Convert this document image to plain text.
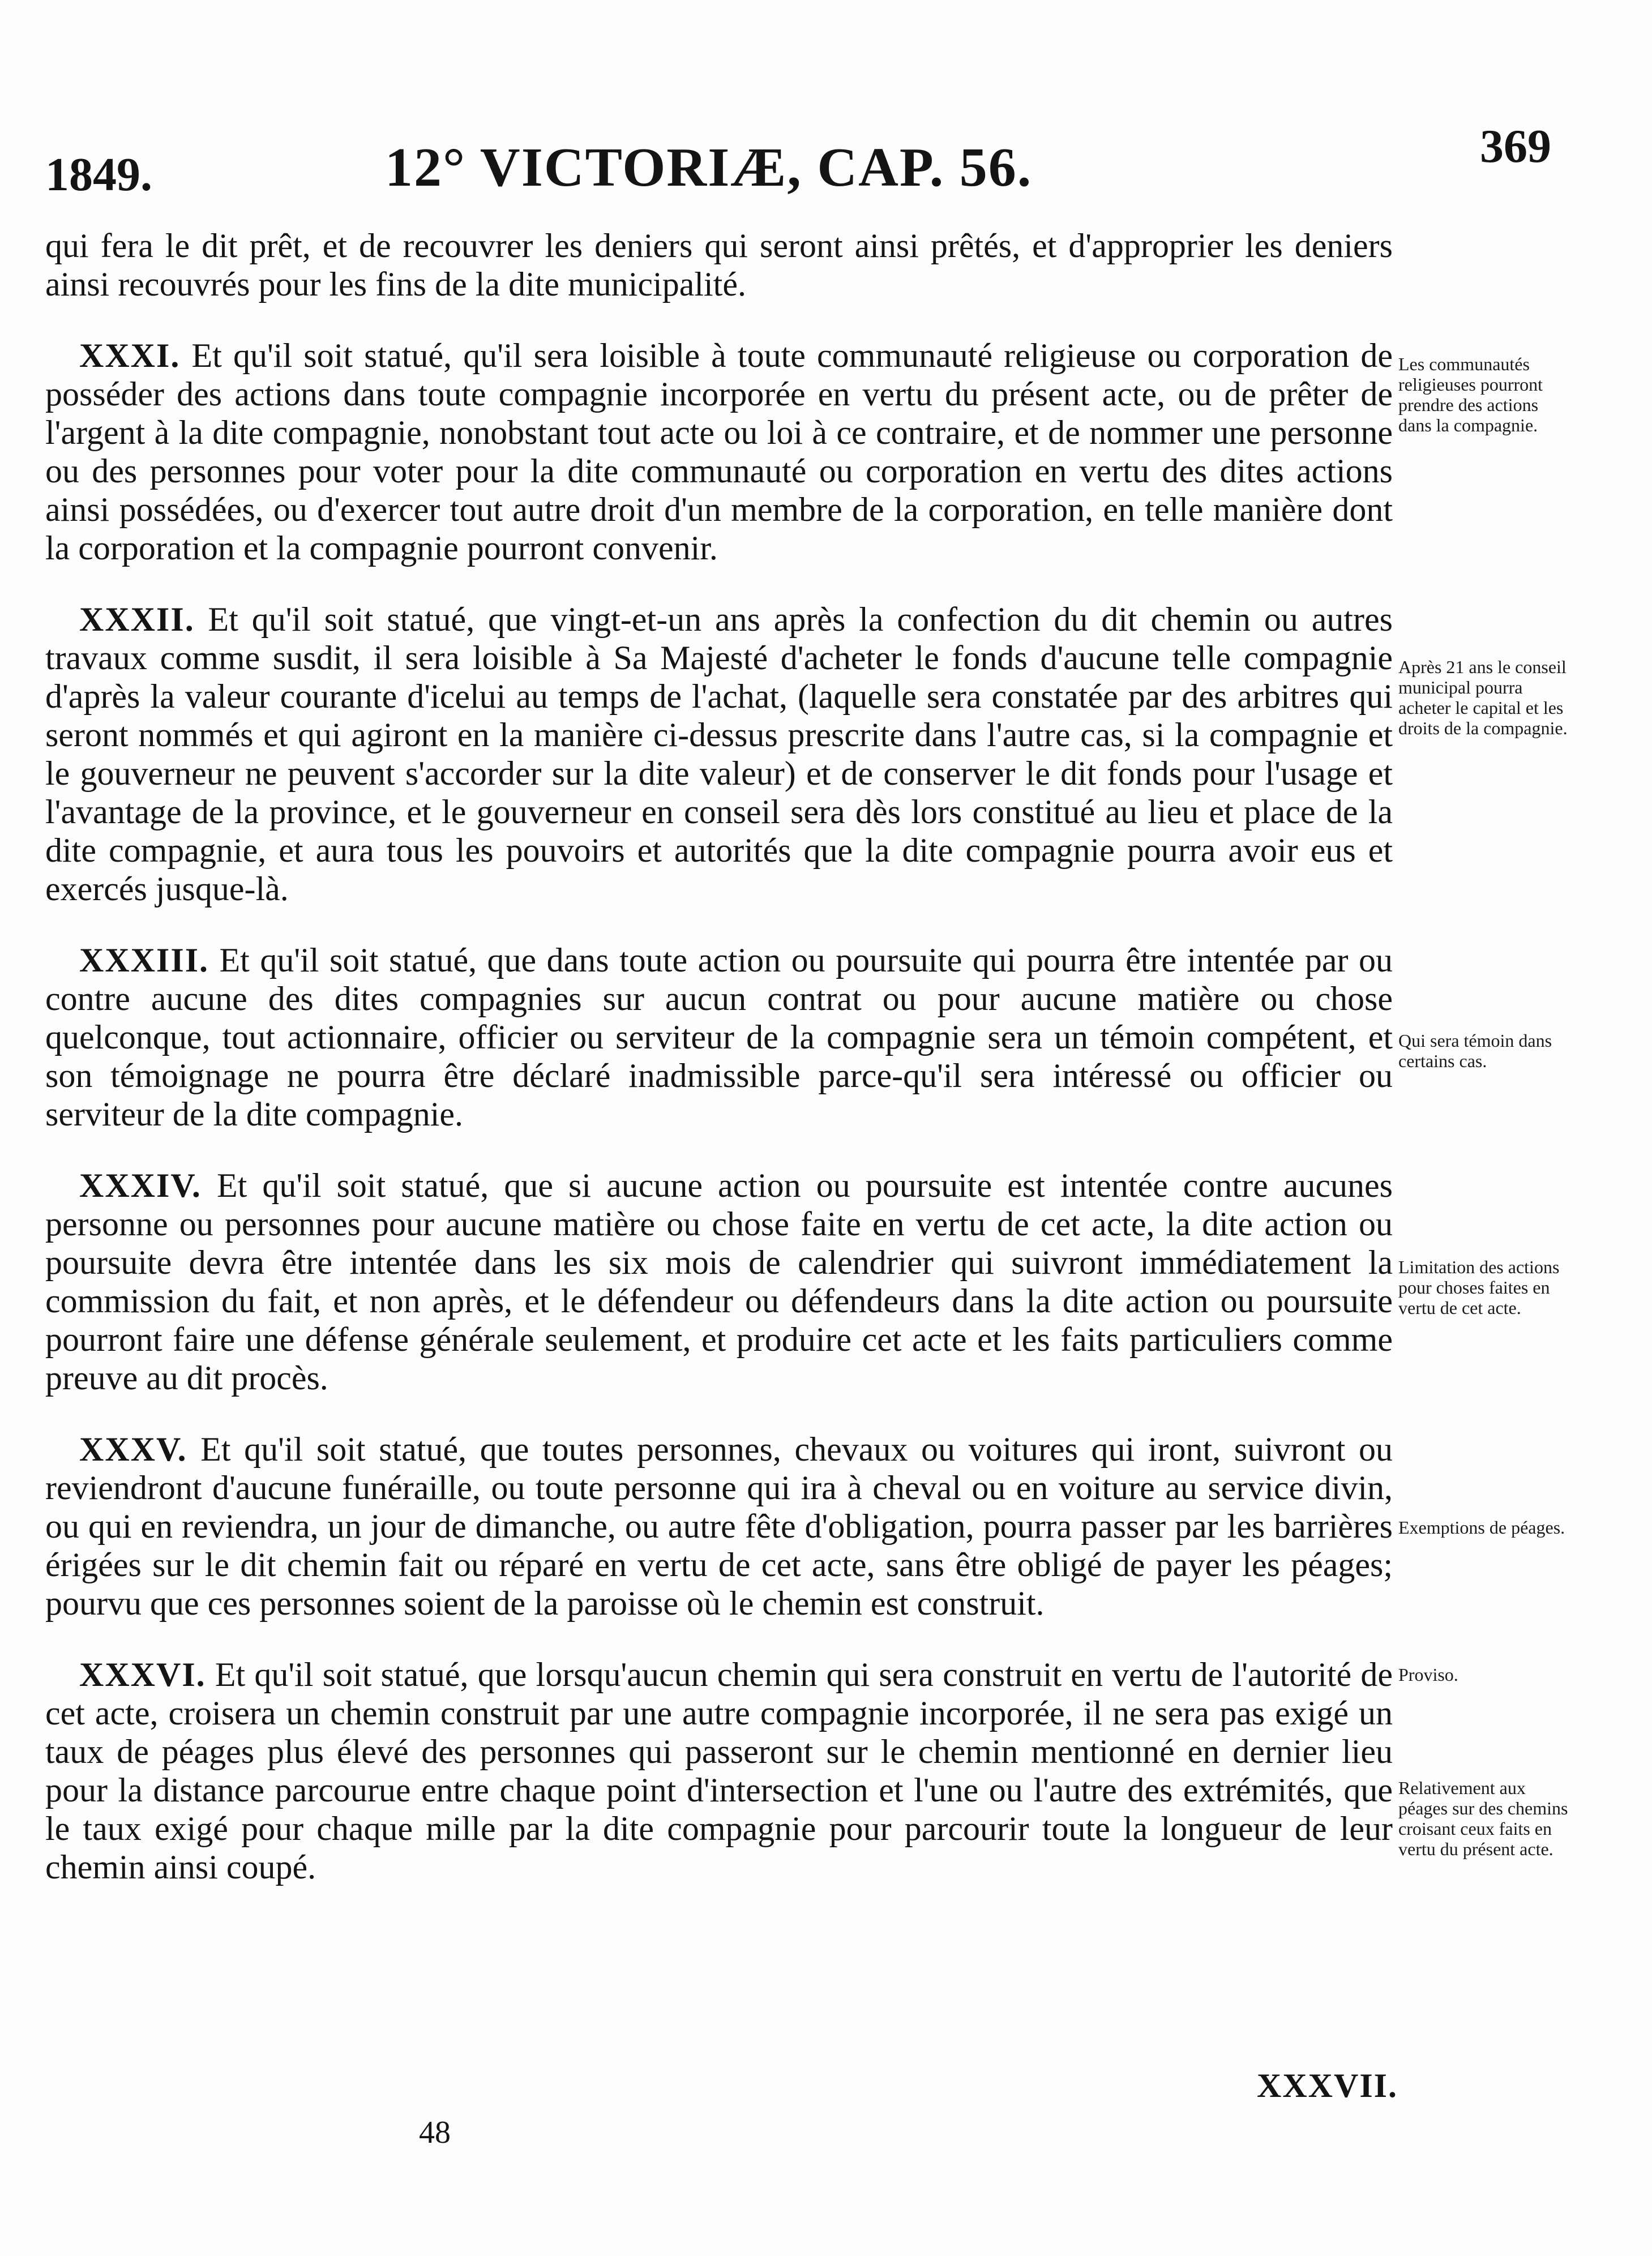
1849.	12° VICTORIÆ, CAP. 56.	369

qui fera le dit prêt, et de recouvrer les deniers qui seront ainsi prêtés, et d'approprier les deniers ainsi recouvrés pour les fins de la dite municipalité.

XXXI. Et qu'il soit statué, qu'il sera loisible à toute communauté religieuse ou corporation de posséder des actions dans toute compagnie incorporée en vertu du présent acte, ou de prêter de l'argent à la dite compagnie, nonobstant tout acte ou loi à ce contraire, et de nommer une personne ou des personnes pour voter pour la dite communauté ou corporation en vertu des dites actions ainsi possédées, ou d'exercer tout autre droit d'un membre de la corporation, en telle manière dont la corporation et la compagnie pourront convenir.

XXXII. Et qu'il soit statué, que vingt-et-un ans après la confection du dit chemin ou autres travaux comme susdit, il sera loisible à Sa Majesté d'acheter le fonds d'aucune telle compagnie d'après la valeur courante d'icelui au temps de l'achat, (laquelle sera constatée par des arbitres qui seront nommés et qui agiront en la manière ci-dessus prescrite dans l'autre cas, si la compagnie et le gouverneur ne peuvent s'accorder sur la dite valeur) et de conserver le dit fonds pour l'usage et l'avantage de la province, et le gouverneur en conseil sera dès lors constitué au lieu et place de la dite compagnie, et aura tous les pouvoirs et autorités que la dite compagnie pourra avoir eus et exercés jusque-là.

XXXIII. Et qu'il soit statué, que dans toute action ou poursuite qui pourra être intentée par ou contre aucune des dites compagnies sur aucun contrat ou pour aucune matière ou chose quelconque, tout actionnaire, officier ou serviteur de la compagnie sera un témoin compétent, et son témoignage ne pourra être déclaré inadmissible parce-qu'il sera intéressé ou officier ou serviteur de la dite compagnie.

XXXIV. Et qu'il soit statué, que si aucune action ou poursuite est intentée contre aucunes personne ou personnes pour aucune matière ou chose faite en vertu de cet acte, la dite action ou poursuite devra être intentée dans les six mois de calendrier qui suivront immédiatement la commission du fait, et non après, et le défendeur ou défendeurs dans la dite action ou poursuite pourront faire une défense générale seulement, et produire cet acte et les faits particuliers comme preuve au dit procès.

XXXV. Et qu'il soit statué, que toutes personnes, chevaux ou voitures qui iront, suivront ou reviendront d'aucune funéraille, ou toute personne qui ira à cheval ou en voiture au service divin, ou qui en reviendra, un jour de dimanche, ou autre fête d'obligation, pourra passer par les barrières érigées sur le dit chemin fait ou réparé en vertu de cet acte, sans être obligé de payer les péages; pourvu que ces personnes soient de la paroisse où le chemin est construit.

XXXVI. Et qu'il soit statué, que lorsqu'aucun chemin qui sera construit en vertu de l'autorité de cet acte, croisera un chemin construit par une autre compagnie incorporée, il ne sera pas exigé un taux de péages plus élevé des personnes qui passeront sur le chemin mentionné en dernier lieu pour la distance parcourue entre chaque point d'intersection et l'une ou l'autre des extrémités, que le taux exigé pour chaque mille par la dite compagnie pour parcourir toute la longueur de leur chemin ainsi coupé.

Les communautés religieuses pourront prendre des actions dans la compagnie.
Après 21 ans le conseil municipal pourra acheter le capital et les droits de la compagnie.
Qui sera témoin dans certains cas.
Limitation des actions pour choses faites en vertu de cet acte.
Exemptions de péages.
Proviso.
Relativement aux péages sur des chemins croisant ceux faits en vertu du présent acte.
XXXVII.
48
